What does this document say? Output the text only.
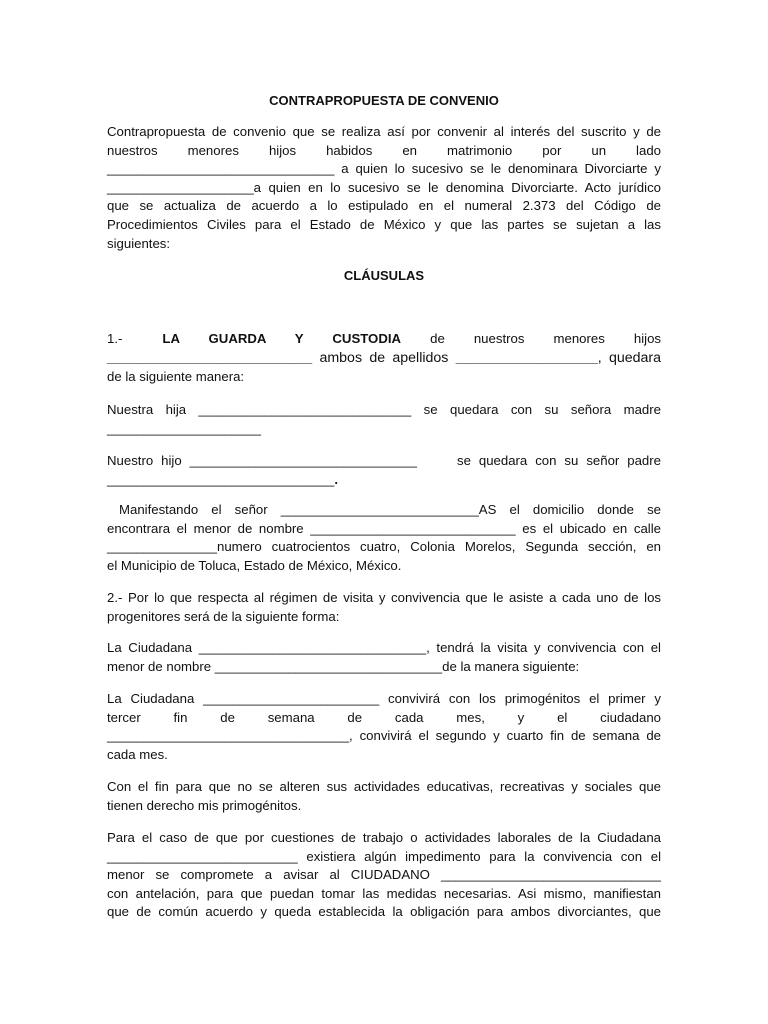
CONTRAPROPUESTA DE CONVENIO
Contrapropuesta de convenio que se realiza así por convenir al interés del suscrito y de
nuestros menores hijos habidos en matrimonio por un lado
_______________________________ a quien lo sucesivo se le denominara Divorciarte y
____________________a quien en lo sucesivo se le denomina Divorciarte. Acto jurídico
que se actualiza de acuerdo a lo estipulado en el numeral 2.373 del Código de
Procedimientos Civiles para el Estado de México y que las partes se sujetan a las
siguientes:
CLÁUSULAS
1.-	LA GUARDA Y CUSTODIA de nuestros menores hijos
__________________________ ambos de apellidos __________________, quedara
de la siguiente manera:
Nuestra hija _____________________________ se quedara con su señora madre
_____________________
Nuestro hijo _______________________________	se quedara con su señor padre
_______________________________.
Manifestando el señor ___________________________AS el domicilio donde se
encontrara el menor de nombre ____________________________ es el ubicado en calle
_______________numero cuatrocientos cuatro, Colonia Morelos, Segunda sección, en
el Municipio de Toluca, Estado de México, México.
2.- Por lo que respecta al régimen de visita y convivencia que le asiste a cada uno de los
progenitores será de la siguiente forma:
La Ciudadana _______________________________, tendrá la visita y convivencia con el
menor de nombre _______________________________de la manera siguiente:
La Ciudadana ________________________ convivirá con los primogénitos el primer y
tercer fin de semana de cada mes, y el ciudadano
_________________________________, convivirá el segundo y cuarto fin de semana de
cada mes.
Con el fin para que no se alteren sus actividades educativas, recreativas y sociales que
tienen derecho mis primogénitos.
Para el caso de que por cuestiones de trabajo o actividades laborales de la Ciudadana
__________________________ existiera algún impedimento para la convivencia con el
menor se compromete a avisar al CIUDADANO ______________________________
con antelación, para que puedan tomar las medidas necesarias. Asi mismo, manifiestan
que de común acuerdo y queda establecida la obligación para ambos divorciantes, que
